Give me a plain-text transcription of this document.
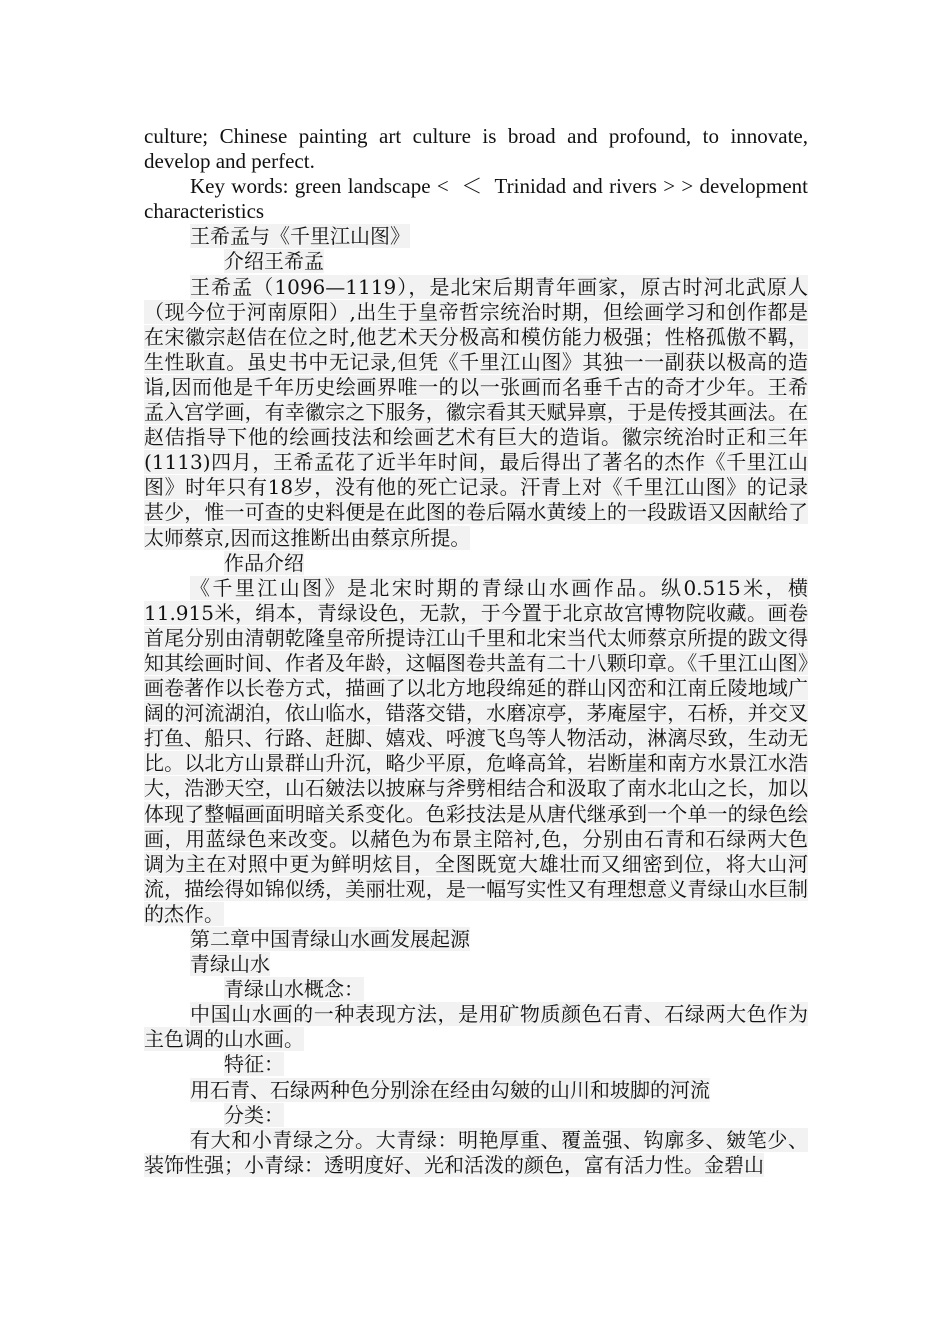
culture; Chinese painting art culture is broad and profound, to innovate, develop and perfect.

Key words: green landscape <  ＜  Trinidad and rivers > > development characteristics

王希孟与《千里江山图》

介绍王希孟

王希孟（1096—1119），是北宋后期青年画家，原古时河北武原人（现今位于河南原阳）,出生于皇帝哲宗统治时期，但绘画学习和创作都是在宋徽宗赵佶在位之时,他艺术天分极高和模仿能力极强；性格孤傲不羁，生性耿直。虽史书中无记录,但凭《千里江山图》其独一一副获以极高的造诣,因而他是千年历史绘画界唯一的以一张画而名垂千古的奇才少年。王希孟入宫学画，有幸徽宗之下服务，徽宗看其天赋异禀，于是传授其画法。在赵佶指导下他的绘画技法和绘画艺术有巨大的造诣。徽宗统治时正和三年(1113)四月，王希孟花了近半年时间，最后得出了著名的杰作《千里江山图》时年只有18岁，没有他的死亡记录。汗青上对《千里江山图》的记录甚少，惟一可查的史料便是在此图的卷后隔水黄绫上的一段跋语又因献给了太师蔡京,因而这推断出由蔡京所提。

作品介绍

《千里江山图》是北宋时期的青绿山水画作品。纵0.515米，横11.915米，绢本，青绿设色，无款，于今置于北京故宫博物院收藏。画卷首尾分别由清朝乾隆皇帝所提诗江山千里和北宋当代太师蔡京所提的跋文得知其绘画时间、作者及年龄，这幅图卷共盖有二十八颗印章。《千里江山图》画卷著作以长卷方式，描画了以北方地段绵延的群山冈峦和江南丘陵地域广阔的河流湖泊，依山临水，错落交错，水磨凉亭，茅庵屋宇，石桥，并交叉打鱼、船只、行路、赶脚、嬉戏、呼渡飞鸟等人物活动，淋漓尽致，生动无比。以北方山景群山升沉，略少平原，危峰高耸，岩断崖和南方水景江水浩大，浩渺天空，山石皴法以披麻与斧劈相结合和汲取了南水北山之长，加以体现了整幅画面明暗关系变化。色彩技法是从唐代继承到一个单一的绿色绘画，用蓝绿色来改变。以赭色为布景主陪衬,色，分别由石青和石绿两大色调为主在对照中更为鲜明炫目，全图既宽大雄壮而又细密到位，将大山河流，描绘得如锦似绣，美丽壮观，是一幅写实性又有理想意义青绿山水巨制的杰作。

第二章中国青绿山水画发展起源

青绿山水

青绿山水概念：

中国山水画的一种表现方法，是用矿物质颜色石青、石绿两大色作为主色调的山水画。

特征：

用石青、石绿两种色分别涂在经由勾皴的山川和坡脚的河流

分类：

有大和小青绿之分。大青绿：明艳厚重、覆盖强、钩廓多、皴笔少、装饰性强；小青绿：透明度好、光和活泼的颜色，富有活力性。金碧山
